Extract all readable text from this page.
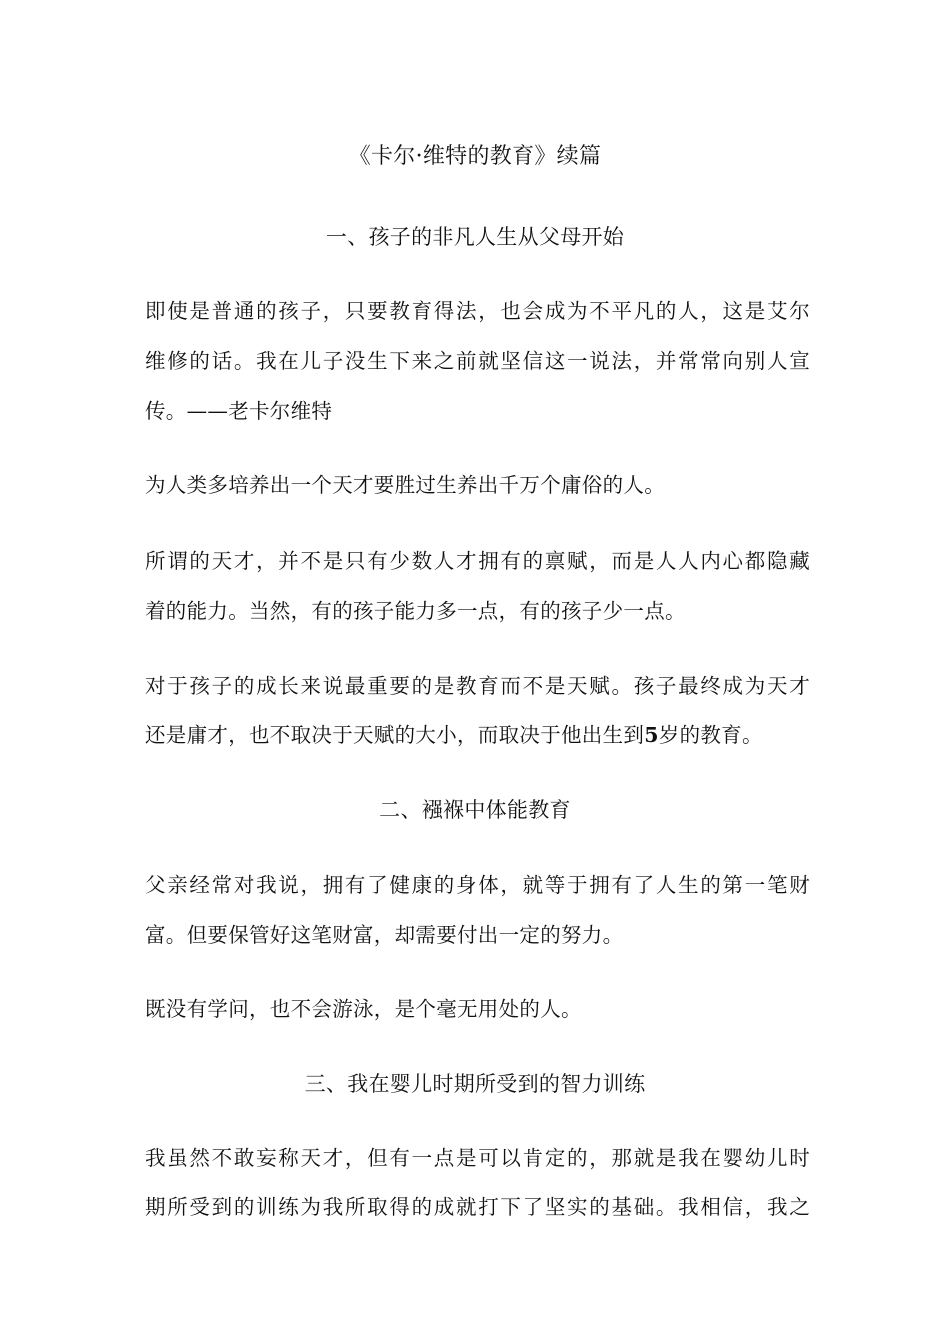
《卡尔·维特的教育》续篇
一、孩子的非凡人生从父母开始
即使是普通的孩子，只要教育得法，也会成为不平凡的人，这是艾尔
维修的话。我在儿子没生下来之前就坚信这一说法，并常常向别人宣
传。——老卡尔维特
为人类多培养出一个天才要胜过生养出千万个庸俗的人。
所谓的天才，并不是只有少数人才拥有的禀赋，而是人人内心都隐藏
着的能力。当然，有的孩子能力多一点，有的孩子少一点。
对于孩子的成长来说最重要的是教育而不是天赋。孩子最终成为天才
还是庸才，也不取决于天赋的大小，而取决于他出生到5岁的教育。
二、襁褓中体能教育
父亲经常对我说，拥有了健康的身体，就等于拥有了人生的第一笔财
富。但要保管好这笔财富，却需要付出一定的努力。
既没有学问，也不会游泳，是个毫无用处的人。
三、我在婴儿时期所受到的智力训练
我虽然不敢妄称天才，但有一点是可以肯定的，那就是我在婴幼儿时
期所受到的训练为我所取得的成就打下了坚实的基础。我相信，我之
